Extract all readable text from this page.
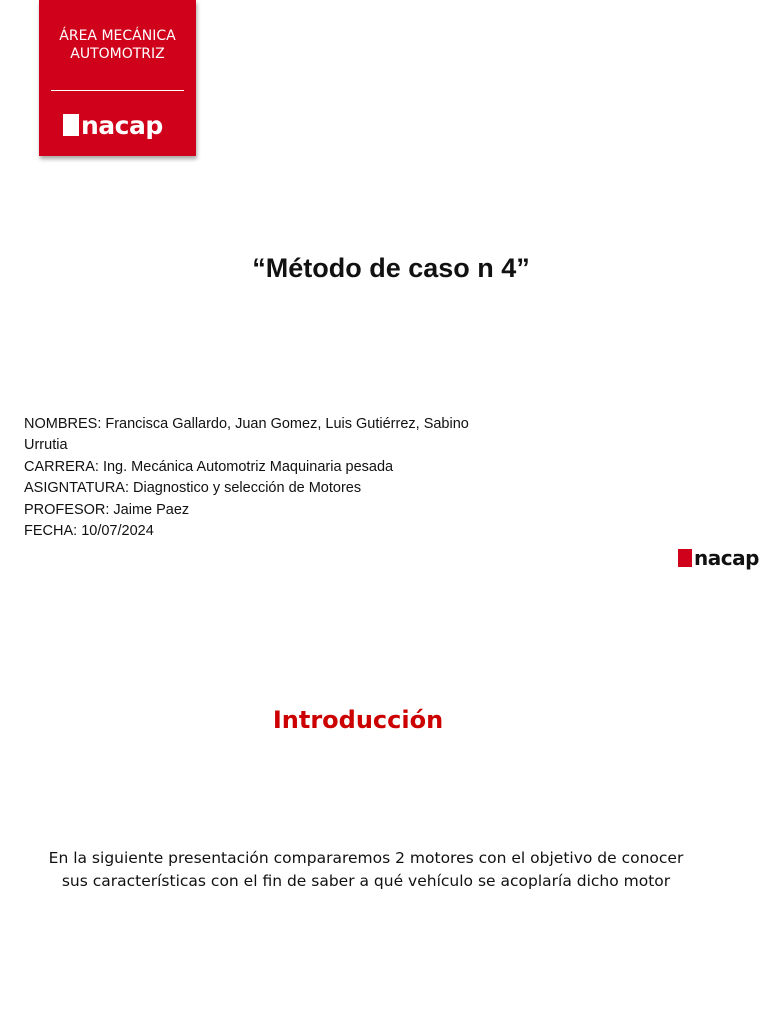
ÁREA MECÁNICA
AUTOMOTRIZ
nacap
“Método de caso n 4”
NOMBRES: Francisca Gallardo, Juan Gomez, Luis Gutiérrez, Sabino Urrutia
CARRERA: Ing. Mecánica Automotriz Maquinaria pesada
ASIGNTATURA: Diagnostico y selección de Motores
PROFESOR: Jaime Paez
FECHA: 10/07/2024
nacap
Introducción
En la siguiente presentación compararemos 2 motores con el objetivo de conocer sus características con el fin de saber a qué vehículo se acoplaría dicho motor
